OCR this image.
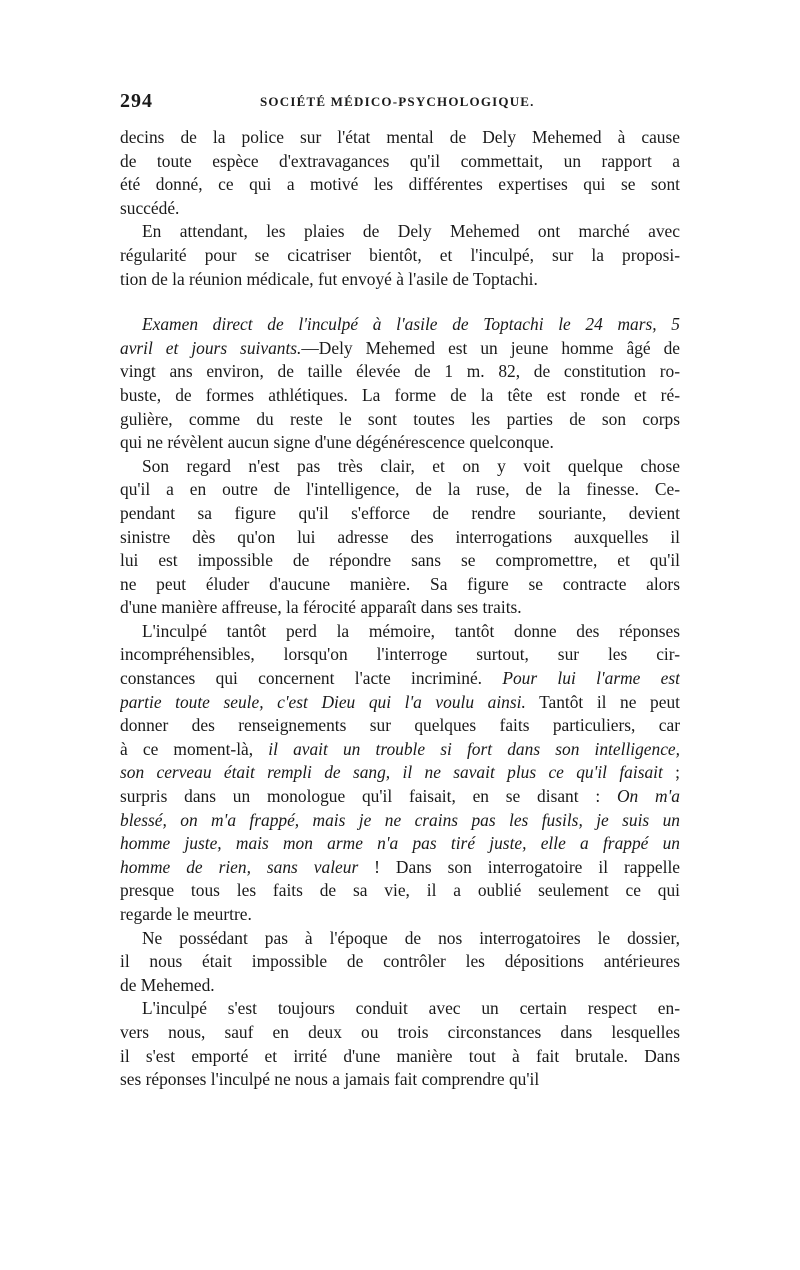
294	SOCIÉTÉ MÉDICO-PSYCHOLOGIQUE.
decins de la police sur l'état mental de Dely Mehemed à cause
de toute espèce d'extravagances qu'il commettait, un rapport a
été donné, ce qui a motivé les différentes expertises qui se sont
succédé.
En attendant, les plaies de Dely Mehemed ont marché avec
régularité pour se cicatriser bientôt, et l'inculpé, sur la proposi-
tion de la réunion médicale, fut envoyé à l'asile de Toptachi.
Examen direct de l'inculpé à l'asile de Toptachi le 24 mars, 5
avril et jours suivants.—Dely Mehemed est un jeune homme âgé de
vingt ans environ, de taille élevée de 1 m. 82, de constitution ro-
buste, de formes athlétiques. La forme de la tête est ronde et ré-
gulière, comme du reste le sont toutes les parties de son corps
qui ne révèlent aucun signe d'une dégénérescence quelconque.
Son regard n'est pas très clair, et on y voit quelque chose
qu'il a en outre de l'intelligence, de la ruse, de la finesse. Ce-
pendant sa figure qu'il s'efforce de rendre souriante, devient
sinistre dès qu'on lui adresse des interrogations auxquelles il
lui est impossible de répondre sans se compromettre, et qu'il
ne peut éluder d'aucune manière. Sa figure se contracte alors
d'une manière affreuse, la férocité apparaît dans ses traits.
L'inculpé tantôt perd la mémoire, tantôt donne des réponses
incompréhensibles, lorsqu'on l'interroge surtout, sur les cir-
constances qui concernent l'acte incriminé. Pour lui l'arme est
partie toute seule, c'est Dieu qui l'a voulu ainsi. Tantôt il ne peut
donner des renseignements sur quelques faits particuliers, car
à ce moment-là, il avait un trouble si fort dans son intelligence,
son cerveau était rempli de sang, il ne savait plus ce qu'il faisait ;
surpris dans un monologue qu'il faisait, en se disant : On m'a
blessé, on m'a frappé, mais je ne crains pas les fusils, je suis un
homme juste, mais mon arme n'a pas tiré juste, elle a frappé un
homme de rien, sans valeur ! Dans son interrogatoire il rappelle
presque tous les faits de sa vie, il a oublié seulement ce qui
regarde le meurtre.
Ne possédant pas à l'époque de nos interrogatoires le dossier,
il nous était impossible de contrôler les dépositions antérieures
de Mehemed.
L'inculpé s'est toujours conduit avec un certain respect en-
vers nous, sauf en deux ou trois circonstances dans lesquelles
il s'est emporté et irrité d'une manière tout à fait brutale. Dans
ses réponses l'inculpé ne nous a jamais fait comprendre qu'il
